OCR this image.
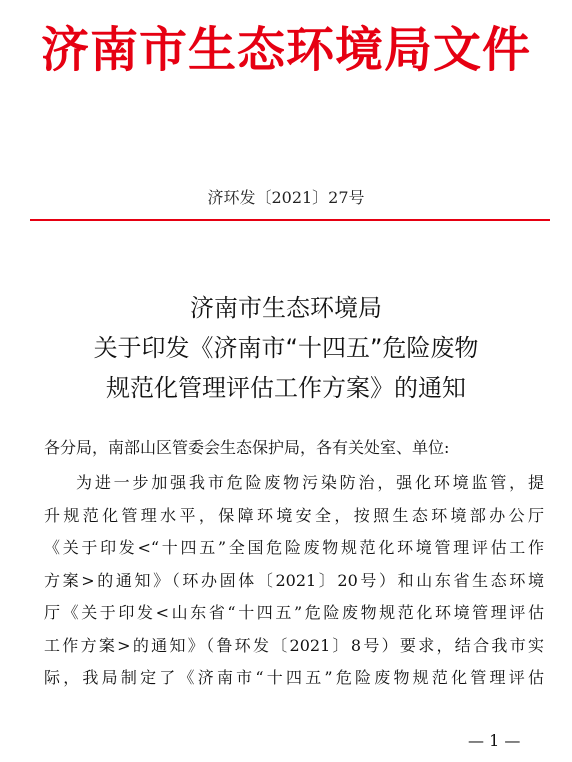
济南市生态环境局文件
济环发〔2021〕27号
济南市生态环境局
关于印发《济南市“十四五”危险废物
规范化管理评估工作方案》的通知
各分局，南部山区管委会生态保护局，各有关处室、单位:
为进一步加强我市危险废物污染防治，强化环境监管，提
升规范化管理水平，保障环境安全，按照生态环境部办公厅
《关于印发<“十四五”全国危险废物规范化环境管理评估工作
方案>的通知》（环办固体〔2021〕20号）和山东省生态环境
厅《关于印发<山东省“十四五”危险废物规范化环境管理评估
工作方案>的通知》（鲁环发〔2021〕8号）要求，结合我市实
际，我局制定了《济南市“十四五”危险废物规范化管理评估
— 1 —
